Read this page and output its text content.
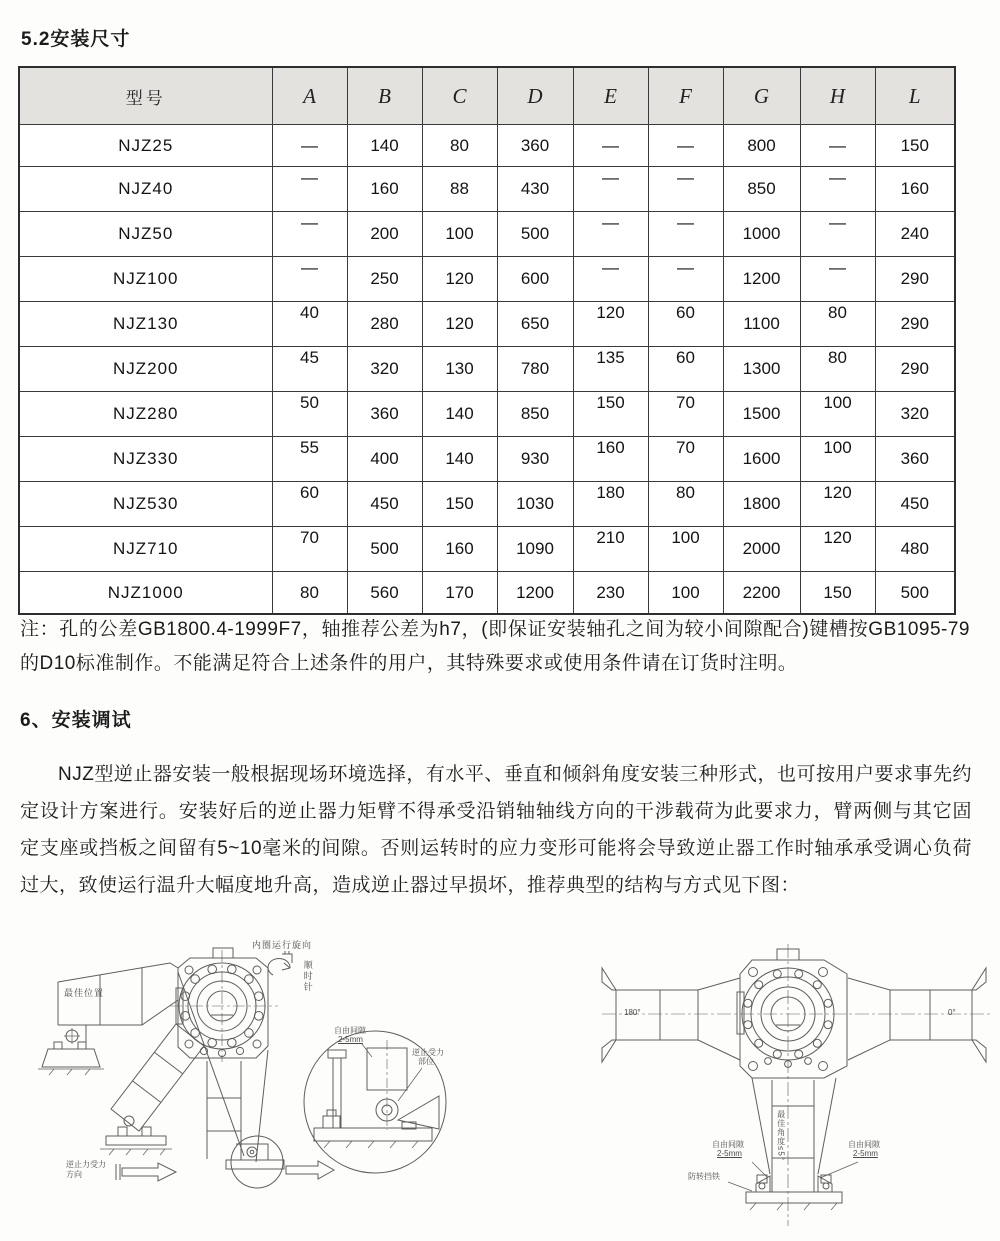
5.2安装尺寸
型号	A	B	C	D	E	F	G	H	L
NJZ25	—	140	80	360	—	—	800	—	150
NJZ40	—	160	88	430	—	—	850	—	160
NJZ50	—	200	100	500	—	—	1000	—	240
NJZ100	—	250	120	600	—	—	1200	—	290
NJZ130	40	280	120	650	120	60	1100	80	290
NJZ200	45	320	130	780	135	60	1300	80	290
NJZ280	50	360	140	850	150	70	1500	100	320
NJZ330	55	400	140	930	160	70	1600	100	360
NJZ530	60	450	150	1030	180	80	1800	120	450
NJZ710	70	500	160	1090	210	100	2000	120	480
NJZ1000	80	560	170	1200	230	100	2200	150	500
注：孔的公差GB1800.4-1999F7，轴推荐公差为h7，(即保证安装轴孔之间为较小间隙配合)键槽按GB1095-79的D10标准制作。不能满足符合上述条件的用户，其特殊要求或使用条件请在订货时注明。
6、安装调试
NJZ型逆止器安装一般根据现场环境选择，有水平、垂直和倾斜角度安装三种形式，也可按用户要求事先约定设计方案进行。安装好后的逆止器力矩臂不得承受沿销轴轴线方向的干涉载荷为此要求力，臂两侧与其它固定支座或挡板之间留有5~10毫米的间隙。否则运转时的应力变形可能将会导致逆止器工作时轴承承受调心负荷过大，致使运行温升大幅度地升高，造成逆止器过早损坏，推荐典型的结构与方式见下图：
内圈运行旋向
顺时针
最佳位置
逆止力受力
方向
自由间隙
2-5mm
逆止受力
部位
180°	0°
自由间隙
2-5mm
自由间隙
2-5mm
防转挡铁
最佳角度≤5°
